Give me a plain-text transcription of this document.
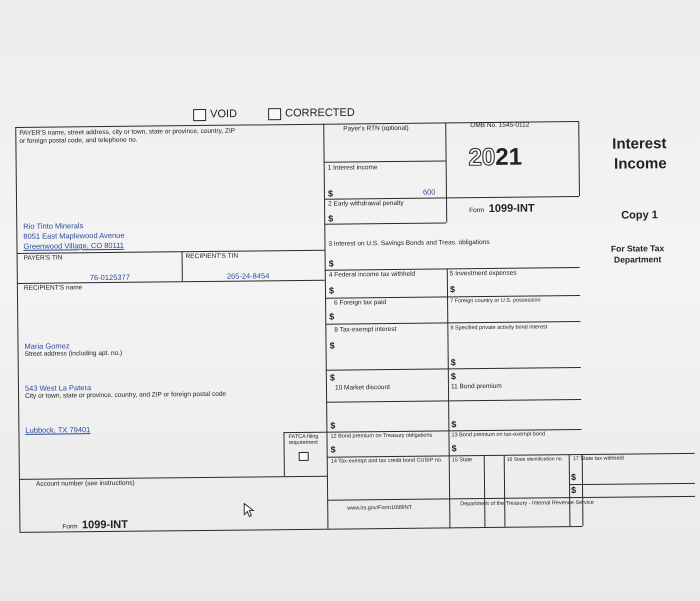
VOID	CORRECTED
PAYER'S name, street address, city or town, state or province, country, ZIP
or foreign postal code, and telephone no.
Rio Tinto Minerals
8051 East Maplewood Avenue
Greenwood Village, CO 80111
PAYER'S TIN	RECIPIENT'S TIN
76-0125377	265-24-8454
RECIPIENT'S name
Maria Gomez
Street address (including apt. no.)
543 West La Patera
City or town, state or province, country, and ZIP or foreign postal code
Lubbock, TX 79401
Account number (see instructions)
Payer's RTN (optional)	OMB No. 1545-0112
2021
Form 1099-INT
Interest
Income
Copy 1
For State Tax
Department
1 Interest income
$	600
2 Early withdrawal penalty
$
3 Interest on U.S. Savings Bonds and Treas. obligations
$
4 Federal income tax withheld
$
5 Investment expenses
$
6 Foreign tax paid
$
7 Foreign country or U.S. possession
8 Tax-exempt interest
$
9 Specified private activity bond interest
$
$
10 Market discount
$
11 Bond premium
FATCA filing requirement
$
12 Bond premium on Treasury obligations
$
$
13 Bond premium on tax-exempt bond
$
14 Tax-exempt and tax credit bond CUSIP no. 15 State	16 State identification no. 17 State tax withheld
$
$
Form 1099-INT
www.irs.gov/Form1099INT
Department of the Treasury - Internal Revenue Service
